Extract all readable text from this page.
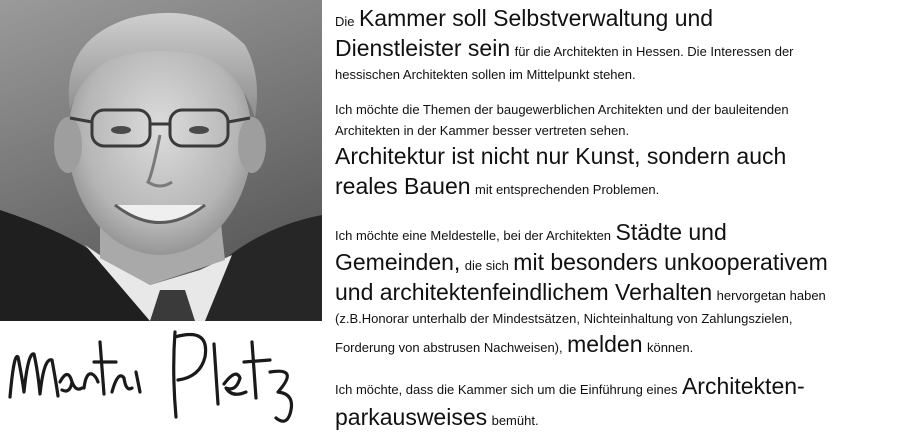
Die Kammer soll Selbstverwaltung und
Dienstleister sein für die Architekten in Hessen. Die Interessen der
hessischen Architekten sollen im Mittelpunkt stehen.

Ich möchte die Themen der baugewerblichen Architekten und der bauleitenden
Architekten in der Kammer besser vertreten sehen.
Architektur ist nicht nur Kunst, sondern auch
reales Bauen mit entsprechenden Problemen.

Ich möchte eine Meldestelle, bei der Architekten Städte und
Gemeinden, die sich mit besonders unkooperativem
und architektenfeindlichem Verhalten hervorgetan haben
(z.B.Honorar unterhalb der Mindestsätzen, Nichteinhaltung von Zahlungszielen,
Forderung von abstrusen Nachweisen), melden können.

Ich möchte, dass die Kammer sich um die Einführung eines Architekten-
parkausweises bemüht.
